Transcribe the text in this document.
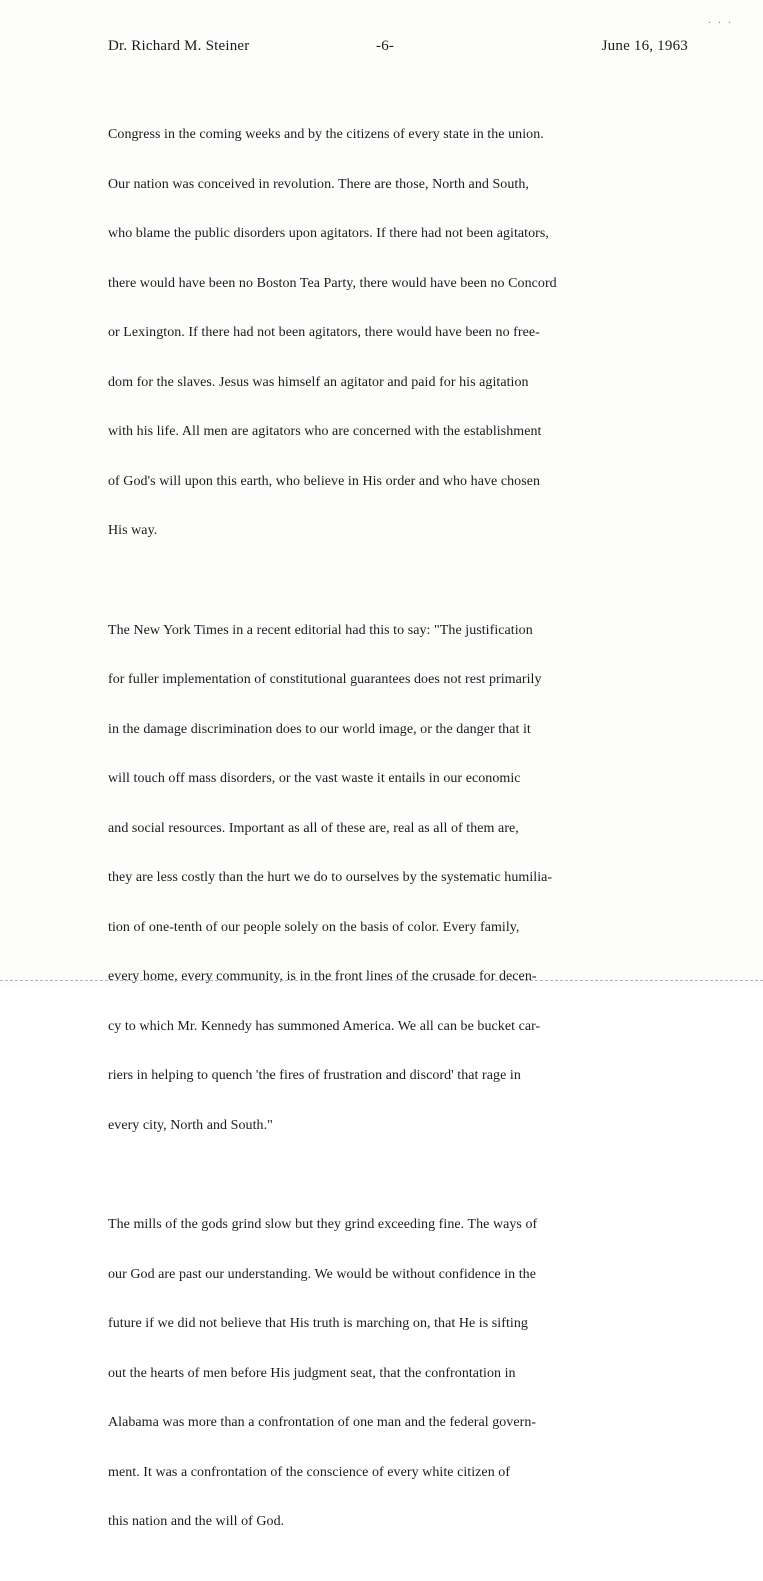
· · ·
Dr. Richard M. Steiner	-6-	June 16, 1963

Congress in the coming weeks and by the citizens of every state in the union.

Our nation was conceived in revolution. There are those, North and South,

who blame the public disorders upon agitators. If there had not been agitators,

there would have been no Boston Tea Party, there would have been no Concord

or Lexington. If there had not been agitators, there would have been no free-

dom for the slaves. Jesus was himself an agitator and paid for his agitation

with his life. All men are agitators who are concerned with the establishment

of God's will upon this earth, who believe in His order and who have chosen

His way.

The New York Times in a recent editorial had this to say: "The justification

for fuller implementation of constitutional guarantees does not rest primarily

in the damage discrimination does to our world image, or the danger that it

will touch off mass disorders, or the vast waste it entails in our economic

and social resources. Important as all of these are, real as all of them are,

they are less costly than the hurt we do to ourselves by the systematic humilia-

tion of one-tenth of our people solely on the basis of color. Every family,

every home, every community, is in the front lines of the crusade for decen-

cy to which Mr. Kennedy has summoned America. We all can be bucket car-

riers in helping to quench 'the fires of frustration and discord' that rage in

every city, North and South."

The mills of the gods grind slow but they grind exceeding fine. The ways of

our God are past our understanding. We would be without confidence in the

future if we did not believe that His truth is marching on, that He is sifting

out the hearts of men before His judgment seat, that the confrontation in

Alabama was more than a confrontation of one man and the federal govern-

ment. It was a confrontation of the conscience of every white citizen of

this nation and the will of God.
